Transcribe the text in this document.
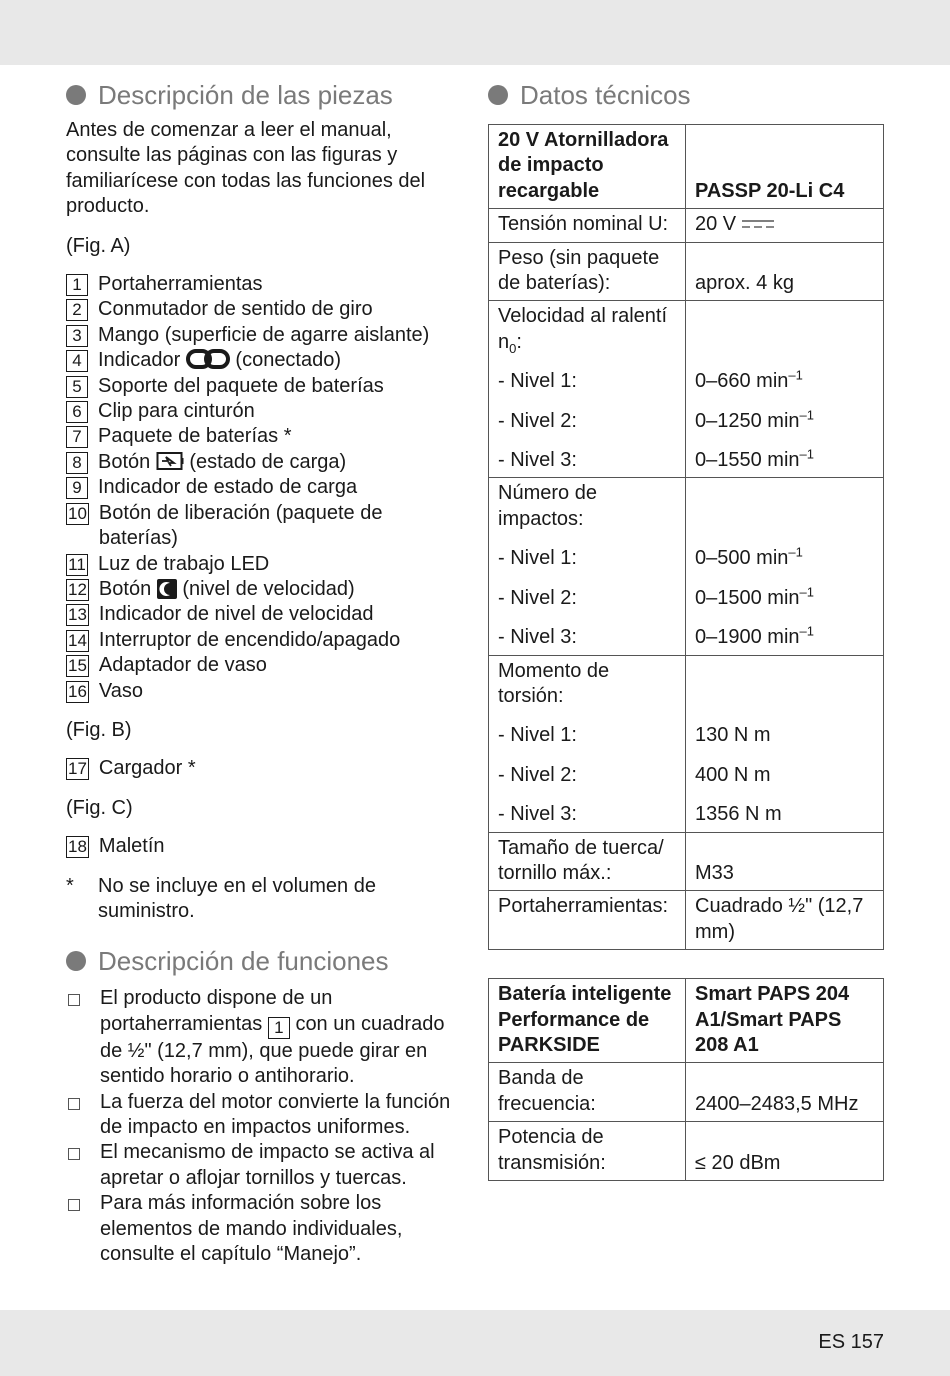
Descripción de las piezas

Antes de comenzar a leer el manual, consulte las páginas con las figuras y familiarícese con todas las funciones del producto.

(Fig. A)

1 Portaherramientas
2 Conmutador de sentido de giro
3 Mango (superficie de agarre aislante)
4 Indicador	(conectado)
5 Soporte del paquete de baterías
6 Clip para cinturón
7 Paquete de baterías *
8 Botón (estado de carga)
9 Indicador de estado de carga
10 Botón de liberación (paquete de baterías)
11 Luz de trabajo LED
12 Botón (nivel de velocidad)
13 Indicador de nivel de velocidad
14 Interruptor de encendido/apagado
15 Adaptador de vaso
16 Vaso

(Fig. B)

17 Cargador *

(Fig. C)

18 Maletín
*	No se incluye en el volumen de suministro.
Descripción de funciones
El producto dispone de un portaherramientas 1 con un cuadrado de ½" (12,7 mm), que puede girar en sentido horario o antihorario.
La fuerza del motor convierte la función de impacto en impactos uniformes.
El mecanismo de impacto se activa al apretar o aflojar tornillos y tuercas.
Para más información sobre los elementos de mando individuales, consulte el capítulo “Manejo”.
Datos técnicos
20 V Atornilladora de impacto recargable	PASSP 20-Li C4
Tensión nominal U:	20 V
Peso (sin paquete de baterías):	aprox. 4 kg
Velocidad al ralentí $n_0$:	
- Nivel 1:	0–660 $\min^{-1}$
- Nivel 2:	0–1250 $\min^{-1}$
- Nivel 3:	0–1550 $\min^{-1}$
Número de impactos:	
- Nivel 1:	0–500 $\min^{-1}$
- Nivel 2:	0–1500 $\min^{-1}$
- Nivel 3:	0–1900 $\min^{-1}$
Momento de torsión:	
- Nivel 1:	130 N m
- Nivel 2:	400 N m
- Nivel 3:	1356 N m
Tamaño de tuerca/ tornillo máx.:	M33
Portaherramientas:	Cuadrado ½" (12,7 mm)
Batería inteligente Performance de PARKSIDE	Smart PAPS 204 A1/Smart PAPS 208 A1
Banda de frecuencia:	2400–2483,5 MHz
Potencia de transmisión:	≤ 20 dBm
ES 157
